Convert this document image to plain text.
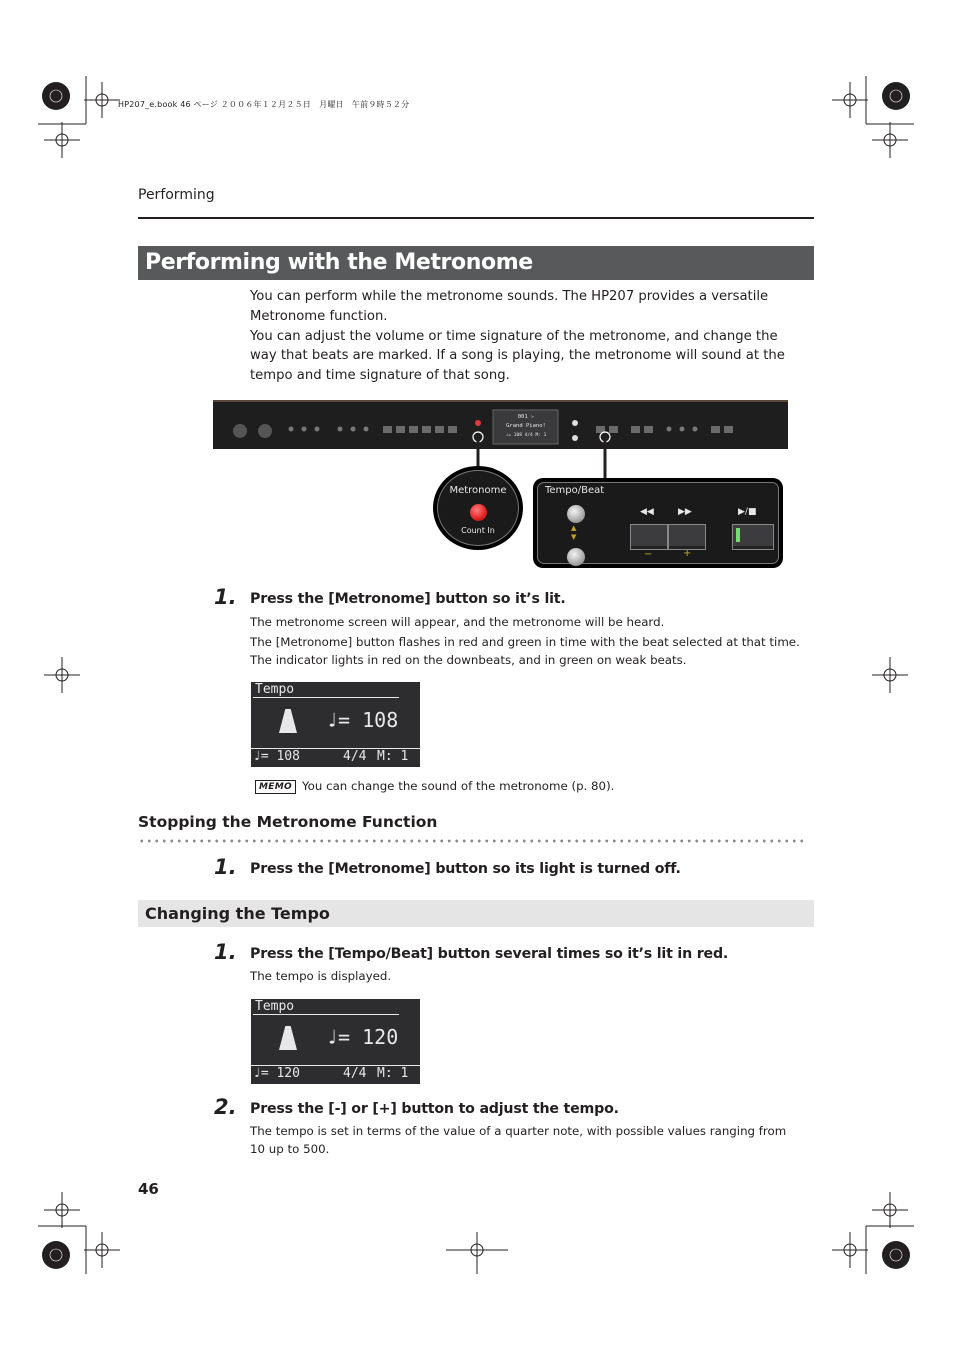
HP207_e.book 46 ページ ２００６年１２月２５日　月曜日　午前９時５２分
Performing
Performing with the Metronome

You can perform while the metronome sounds. The HP207 provides a versatile Metronome function.

You can adjust the volume or time signature of the metronome, and change the way that beats are marked. If a song is playing, the metronome will sound at the tempo and time signature of that song.

001 ♭
Grand Piano!
♩= 108 4/4 M: 1
Metronome
Count In
Tempo/Beat
▲
▼
◀◀	▶▶	▶/■
−	+
1. Press the [Metronome] button so it’s lit.
The metronome screen will appear, and the metronome will be heard.
The [Metronome] button flashes in red and green in time with the beat selected at that time.
The indicator lights in red on the downbeats, and in green on weak beats.
Tempo
♩= 108
♩= 108	4/4 M: 1
MEMO You can change the sound of the metronome (p. 80).
Stopping the Metronome Function
1. Press the [Metronome] button so its light is turned off.
Changing the Tempo
1. Press the [Tempo/Beat] button several times so it’s lit in red.
The tempo is displayed.
Tempo
♩= 120
♩= 120	4/4 M: 1
2. Press the [-] or [+] button to adjust the tempo.
The tempo is set in terms of the value of a quarter note, with possible values ranging from 10 up to 500.
46
